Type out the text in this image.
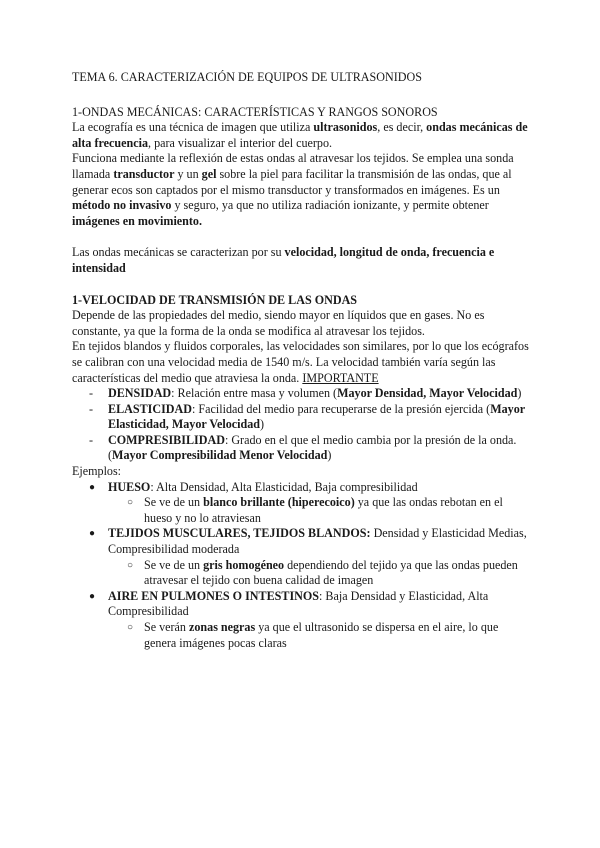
TEMA 6. CARACTERIZACIÓN DE EQUIPOS DE ULTRASONIDOS

1-ONDAS MECÁNICAS: CARACTERÍSTICAS Y RANGOS SONOROS

La ecografía es una técnica de imagen que utiliza ultrasonidos, es decir, ondas mecánicas de alta frecuencia, para visualizar el interior del cuerpo.

Funciona mediante la reflexión de estas ondas al atravesar los tejidos. Se emplea una sonda llamada transductor y un gel sobre la piel para facilitar la transmisión de las ondas, que al generar ecos son captados por el mismo transductor y transformados en imágenes. Es un método no invasivo y seguro, ya que no utiliza radiación ionizante, y permite obtener imágenes en movimiento.

Las ondas mecánicas se caracterizan por su velocidad, longitud de onda, frecuencia e intensidad

1-VELOCIDAD DE TRANSMISIÓN DE LAS ONDAS

Depende de las propiedades del medio, siendo mayor en líquidos que en gases. No es constante, ya que la forma de la onda se modifica al atravesar los tejidos.

En tejidos blandos y fluidos corporales, las velocidades son similares, por lo que los ecógrafos se calibran con una velocidad media de 1540 m/s. La velocidad también varía según las características del medio que atraviesa la onda. IMPORTANTE

- DENSIDAD: Relación entre masa y volumen (Mayor Densidad, Mayor Velocidad)
- ELASTICIDAD: Facilidad del medio para recuperarse de la presión ejercida (Mayor Elasticidad, Mayor Velocidad)
- COMPRESIBILIDAD: Grado en el que el medio cambia por la presión de la onda. (Mayor Compresibilidad Menor Velocidad)

Ejemplos:

● HUESO: Alta Densidad, Alta Elasticidad, Baja compresibilidad
○ Se ve de un blanco brillante (hiperecoico) ya que las ondas rebotan en el hueso y no lo atraviesan
● TEJIDOS MUSCULARES, TEJIDOS BLANDOS: Densidad y Elasticidad Medias, Compresibilidad moderada
○ Se ve de un gris homogéneo dependiendo del tejido ya que las ondas pueden atravesar el tejido con buena calidad de imagen
● AIRE EN PULMONES O INTESTINOS: Baja Densidad y Elasticidad, Alta Compresibilidad
○ Se verán zonas negras ya que el ultrasonido se dispersa en el aire, lo que genera imágenes pocas claras
